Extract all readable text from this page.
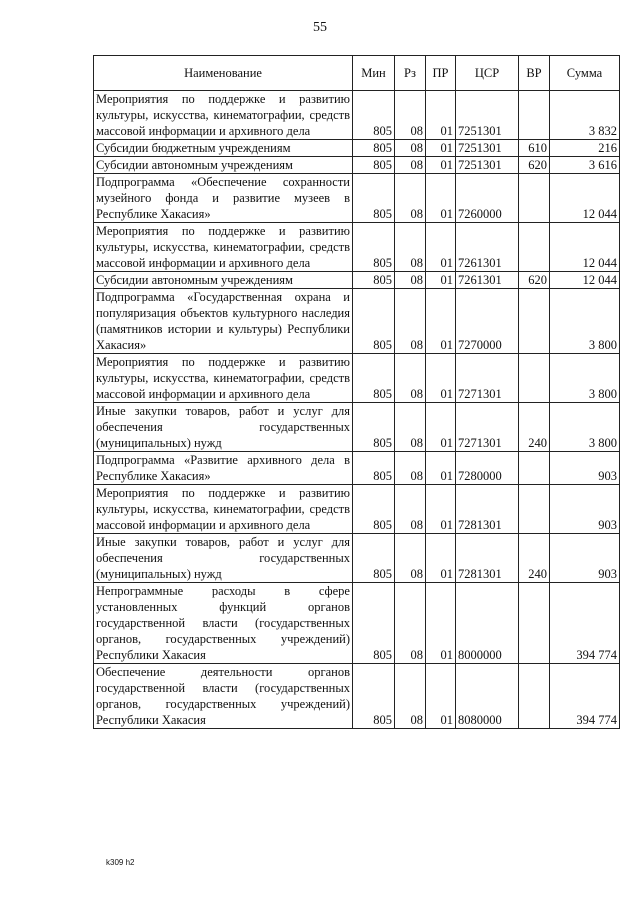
55
Наименование	Мин	Рз	ПР	ЦСР	ВР	Сумма
Мероприятия по поддержке и развитию культуры, искусства, кинематографии, средств массовой информации и архивного дела	805	08	01	7251301		3 832
Субсидии бюджетным учреждениям	805	08	01	7251301	610	216
Субсидии автономным учреждениям	805	08	01	7251301	620	3 616
Подпрограмма «Обеспечение сохранности музейного фонда и развитие музеев в Республике Хакасия»	805	08	01	7260000		12 044
Мероприятия по поддержке и развитию культуры, искусства, кинематографии, средств массовой информации и архивного дела	805	08	01	7261301		12 044
Субсидии автономным учреждениям	805	08	01	7261301	620	12 044
Подпрограмма «Государственная охрана и популяризация объектов культурного наследия (памятников истории и культуры) Республики Хакасия»	805	08	01	7270000		3 800
Мероприятия по поддержке и развитию культуры, искусства, кинематографии, средств массовой информации и архивного дела	805	08	01	7271301		3 800
Иные закупки товаров, работ и услуг для обеспечения государственных (муниципальных) нужд	805	08	01	7271301	240	3 800
Подпрограмма «Развитие архивного дела в Республике Хакасия»	805	08	01	7280000		903
Мероприятия по поддержке и развитию культуры, искусства, кинематографии, средств массовой информации и архивного дела	805	08	01	7281301		903
Иные закупки товаров, работ и услуг для обеспечения государственных (муниципальных) нужд	805	08	01	7281301	240	903
Непрограммные расходы в сфере установленных функций органов государственной власти (государственных органов, государственных учреждений) Республики Хакасия	805	08	01	8000000		394 774
Обеспечение деятельности органов государственной власти (государственных органов, государственных учреждений) Республики Хакасия	805	08	01	8080000		394 774
k309 h2
